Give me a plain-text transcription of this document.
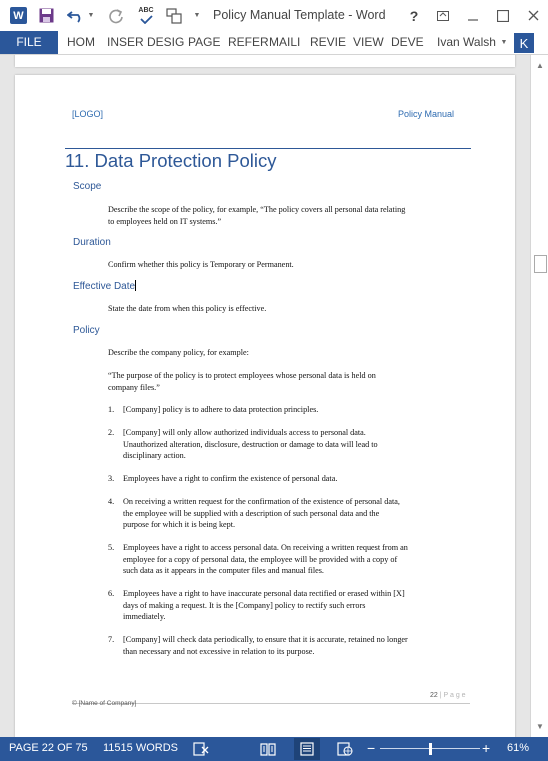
W	▼
ABC
▼ Policy Manual Template - Word ?
FILE	HOM INSER DESIG PAGE REFER MAILI REVIE VIEW DEVE Ivan Walsh ▼ K
[LOGO]	Policy Manual
11. Data Protection Policy
Scope
Describe the scope of the policy, for example, “The policy covers all personal data relating
to employees held on IT systems.”
Duration
Confirm whether this policy is Temporary or Permanent.
Effective Date
State the date from when this policy is effective.
Policy
Describe the company policy, for example:
“The purpose of the policy is to protect employees whose personal data is held on
company files.”
1. [Company] policy is to adhere to data protection principles.
2. [Company] will only allow authorized individuals access to personal data.
Unauthorized alteration, disclosure, destruction or damage to data will lead to
disciplinary action.
3. Employees have a right to confirm the existence of personal data.
4. On receiving a written request for the confirmation of the existence of personal data,
the employee will be supplied with a description of such personal data and the
purpose for which it is being kept.
5. Employees have a right to access personal data. On receiving a written request from an
employee for a copy of personal data, the employee will be provided with a copy of
such data as it appears in the computer files and manual files.
6. Employees have a right to have inaccurate personal data rectified or erased within [X]
days of making a request. It is the [Company] policy to rectify such errors
immediately.
7. [Company] will check data periodically, to ensure that it is accurate, retained no longer
than necessary and not excessive in relation to its purpose.
22 | P a g e
© [Name of Company]
▲
▼
PAGE 22 OF 75 11515 WORDS	−	+ 61%
